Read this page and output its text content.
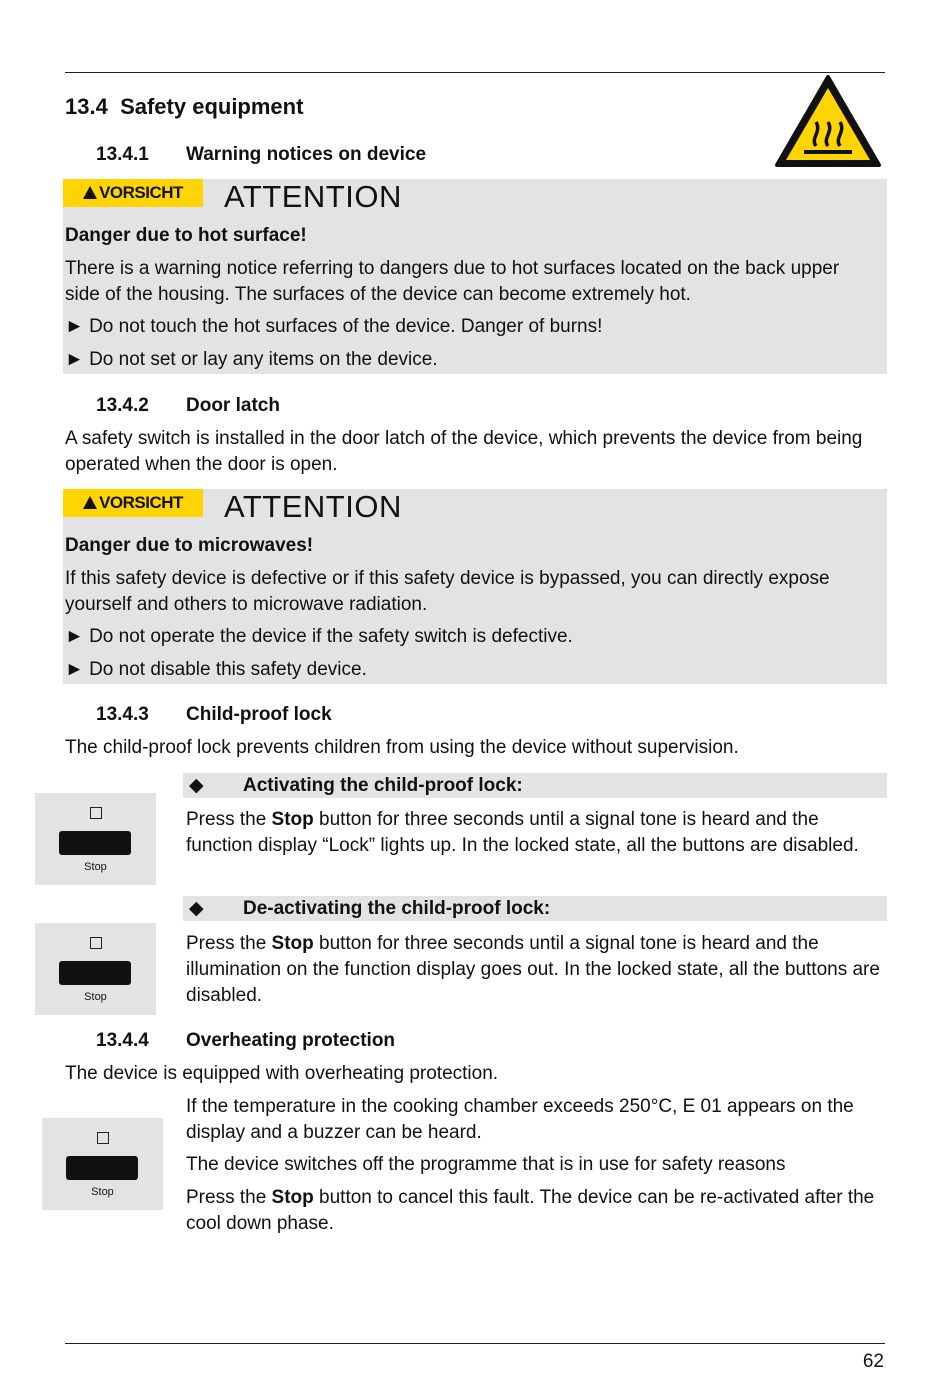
13.4 Safety equipment
13.4.1 Warning notices on device
VORSICHT	ATTENTION
Danger due to hot surface!
There is a warning notice referring to dangers due to hot surfaces located on the back upper side of the housing. The surfaces of the device can become extremely hot.
► Do not touch the hot surfaces of the device. Danger of burns!
► Do not set or lay any items on the device.
13.4.2 Door latch
A safety switch is installed in the door latch of the device, which prevents the device from being operated when the door is open.
VORSICHT	ATTENTION
Danger due to microwaves!
If this safety device is defective or if this safety device is bypassed, you can directly expose yourself and others to microwave radiation.
► Do not operate the device if the safety switch is defective.
► Do not disable this safety device.
13.4.3 Child-proof lock
The child-proof lock prevents children from using the device without supervision.
◆ Activating the child-proof lock:
Stop
Press the Stop button for three seconds until a signal tone is heard and the function display “Lock” lights up. In the locked state, all the buttons are disabled.
◆ De-activating the child-proof lock:
Stop
Press the Stop button for three seconds until a signal tone is heard and the illumination on the function display goes out. In the locked state, all the buttons are disabled.
13.4.4 Overheating protection
The device is equipped with overheating protection.
Stop
If the temperature in the cooking chamber exceeds 250°C, E 01 appears on the display and a buzzer can be heard.
The device switches off the programme that is in use for safety reasons
Press the Stop button to cancel this fault. The device can be re-activated after the cool down phase.
62
